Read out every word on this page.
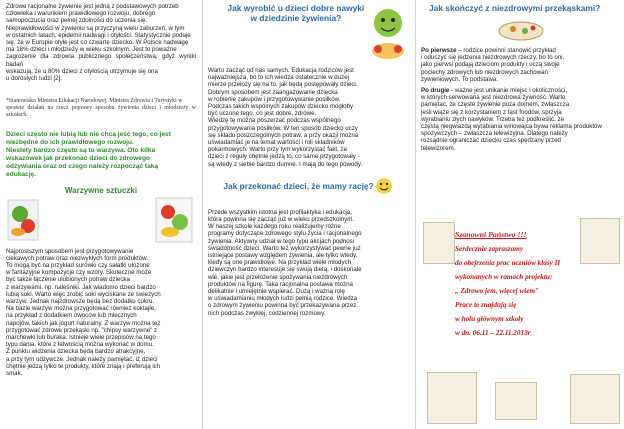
Zdrowe racjonalne żywienie jest jedną z podstawowych potrzeb

człowieka i warunkiem prawidłowego rozwoju, dobrego

samopoczucia oraz pełnej zdolności do uczenia się.

Nieprawidłowości w żywieniu są przyczyną wielu zaburzeń, w tym

w ostatnich latach, epidemii nadwagi i otyłości. Statystycznie podaje

się, że w Europie otyłe jest co czwarte dziecko. W Polsce nadwagę

ma 18% dzieci i młodzieży w wieku szkolnym. Jest to poważne

zagrożenie dla zdrowia publicznego społeczeństwa, gdyż wyniki badań

wskazują, że u 80% dzieci z otyłością utrzymuje się ona

u dorosłych ludzi [2].

*Stanowisko Ministra Edukacji Narodowej, Ministra Zdrowia i Turystyki w

sprawie działań na rzecz poprawy sposobu żywienia dzieci i młodzieży w szkołach.

Dzieci często nie lubią lub nie chcą jeść tego, co jest

niezbędne do ich prawidłowego rozwoju.

Niestety bardzo często są to warzywa. Oto kilka

wskazówek jak przekonać dzieci do zdrowego

odżywiania oraz od czego należy rozpocząć taką

edukację.

Warzywne sztuczki

Najprostszym sposobem jest przygotowywanie

ciekawych potraw oraz niezwykłych form produktów.

To mogą być na przykład surówki czy sałatki ułożone

w fantazyjne kompozycje czy wzory. Skuteczne może

być także łączenie ulubionych potraw dziecka

z warzywami, np. naleśniki. Jak wiadomo dzieci bardzo

lubią soki. Warto więc zrobić soki wyciskane ze świeżych

warzyw. Jednak najzdrowsze będą bez dodatku cukru.

Na bazie warzyw można przygotować również koktajle,

na przykład z dodatkiem owoców lub mlecznych

napojów, takich jak jogurt naturalny. Z warzyw można też

przygotować zdrowe przekąski np. "chipsy warzywne" z

marchewki lub buraka. Istnieje wiele przepisów na tego

typu dania, które z łatwością można wykonać w domu.

Z punktu widzenia dziecka będą bardzo atrakcyjne,

a przy tym odżywcze. Jednak należy pamiętać, iż dzieci

chętnie jedzą tylko te produkty, które znają i preferują ich

smak.

Jak wyrobić u dzieci dobre nawyki w dziedzinie żywienia?

Warto zacząć od nas samych. Edukacja rodziców jest

najważniejsza, bo to ich wiedza ostatecznie w dużej

mierze przełoży się na to, jak będą postępowały dzieci.

Dobrym sposobem jest zaangażowanie dziecka

w robienie zakupów i przygotowywanie posiłków.

Podczas takich wspólnych zakupów dziecko mogłoby

być uczone tego, co jest dobre, zdrowe.

Wiedzę tę można poszerzać podczas wspólnego

przygotowywania posiłków. W ten sposób dziecko uczy

się składu poszczególnych potraw, a przy okazji można

uświadamiać je na temat wartości i roli składników

pokarmowych. Warto przy tym wykorzystać fakt, że

dzieci z reguły chętnie jedzą to, co same przygotowały -

są wtedy z siebie bardzo dumne. I mają do tego powody.

Jak przekonać dzieci, że mamy rację?

Przede wszystkim istotna jest profilaktyka i edukacja,

która powinna się zacząć już w wieku przedszkolnym.

W naszej szkole każdego roku realizujemy różne

programy dotyczące zdrowego stylu życia i racjonalnego

żywienia. Aktywny udział w tego typu akcjach podnosi

świadomość dzieci. Warto też wykorzystywać pewne już

istniejące postawy względem żywienia, ale tylko wtedy,

kiedy są one prawidłowe. Na przykład wiele młodych

dziewczyn bardzo interesuje się swoją dietą, i doskonale

wie, jakie jest przełożenie spożywania niezdrowych

produktów na figurę. Taka racjonalna postawa można

delikatnie i umiejętnie wspierać. Dużą i ważną rolę

w uświadamianiu młodych ludzi pełnią rodzice. Wiedza

o zdrowym żywieniu powinna być przekazywana przez

nich podczas zwykłej, codziennej rozmowy.

Jak skończyć z niezdrowymi przekąskami?

Po pierwsze – rodzice powinni stanowić przykład

i oduczyć się jedzenia niezdrowych rzeczy, bo to oni,

jako pierwsi podają dzieciom produkty i uczą swoje

pociechy zdrowych lub niezdrowych zachowań

żywieniowych. To podstawa.

Po drugie - ważne jest unikanie miejsc i okoliczności,

w których serwowana jest niezdrowa żywność. Warto

pamiętać, że częste żywienie poza domem, zwłaszcza

jeśli wiąże się z korzystaniem z fast foodów, sprzyja

wyrabianiu złych nawyków. Trzeba też podkreślić, że

częstą niegwiazdą wyrabiania winowajca bywa reklama produktów

spożywczych – zwłaszcza telewizyjna. Dlatego należy

rozsądnie ograniczać dziecku czas spędzany przed

telewizorem.

Szanowni Państwo !!!

Serdecznie zapraszamy

do obejrzenia prac uczniów klasy II

wykonanych w ramach projektu:

„ Zdrowo jem, więcej wiem"

Prace te znajdują się

w holu głównym szkoły

w dn. 06.11 – 22.11.2013r
